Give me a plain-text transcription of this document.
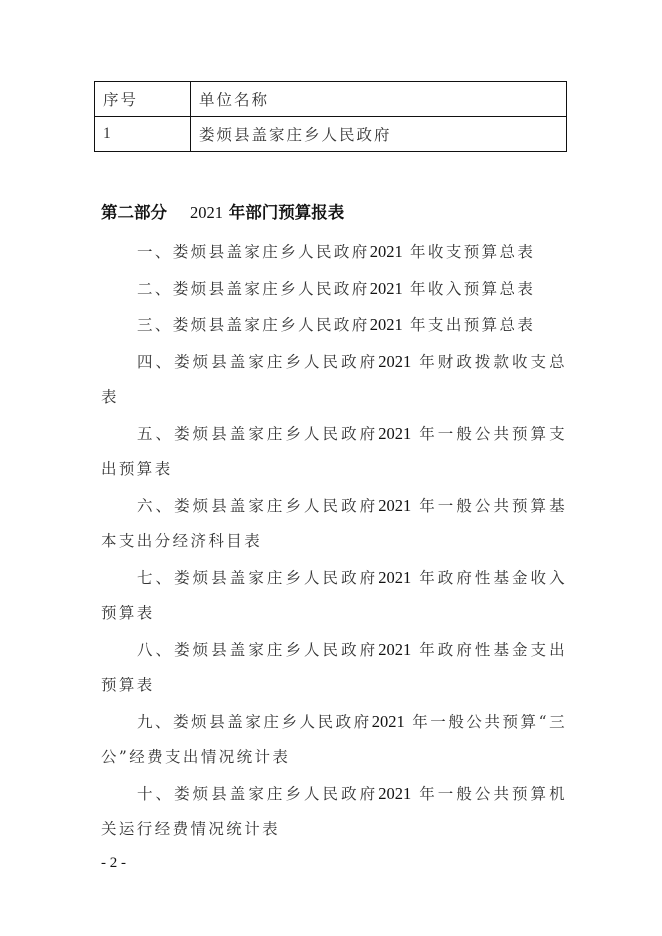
序号	单位名称
1	娄烦县盖家庄乡人民政府
第二部分 2021 年部门预算报表

一、娄烦县盖家庄乡人民政府2021 年收支预算总表

二、娄烦县盖家庄乡人民政府2021 年收入预算总表

三、娄烦县盖家庄乡人民政府2021 年支出预算总表

四、娄烦县盖家庄乡人民政府2021 年财政拨款收支总表

五、娄烦县盖家庄乡人民政府2021 年一般公共预算支出预算表

六、娄烦县盖家庄乡人民政府2021 年一般公共预算基本支出分经济科目表

七、娄烦县盖家庄乡人民政府2021 年政府性基金收入预算表

八、娄烦县盖家庄乡人民政府2021 年政府性基金支出预算表

九、娄烦县盖家庄乡人民政府2021 年一般公共预算“三公”经费支出情况统计表

十、娄烦县盖家庄乡人民政府2021 年一般公共预算机关运行经费情况统计表

- 2 -
